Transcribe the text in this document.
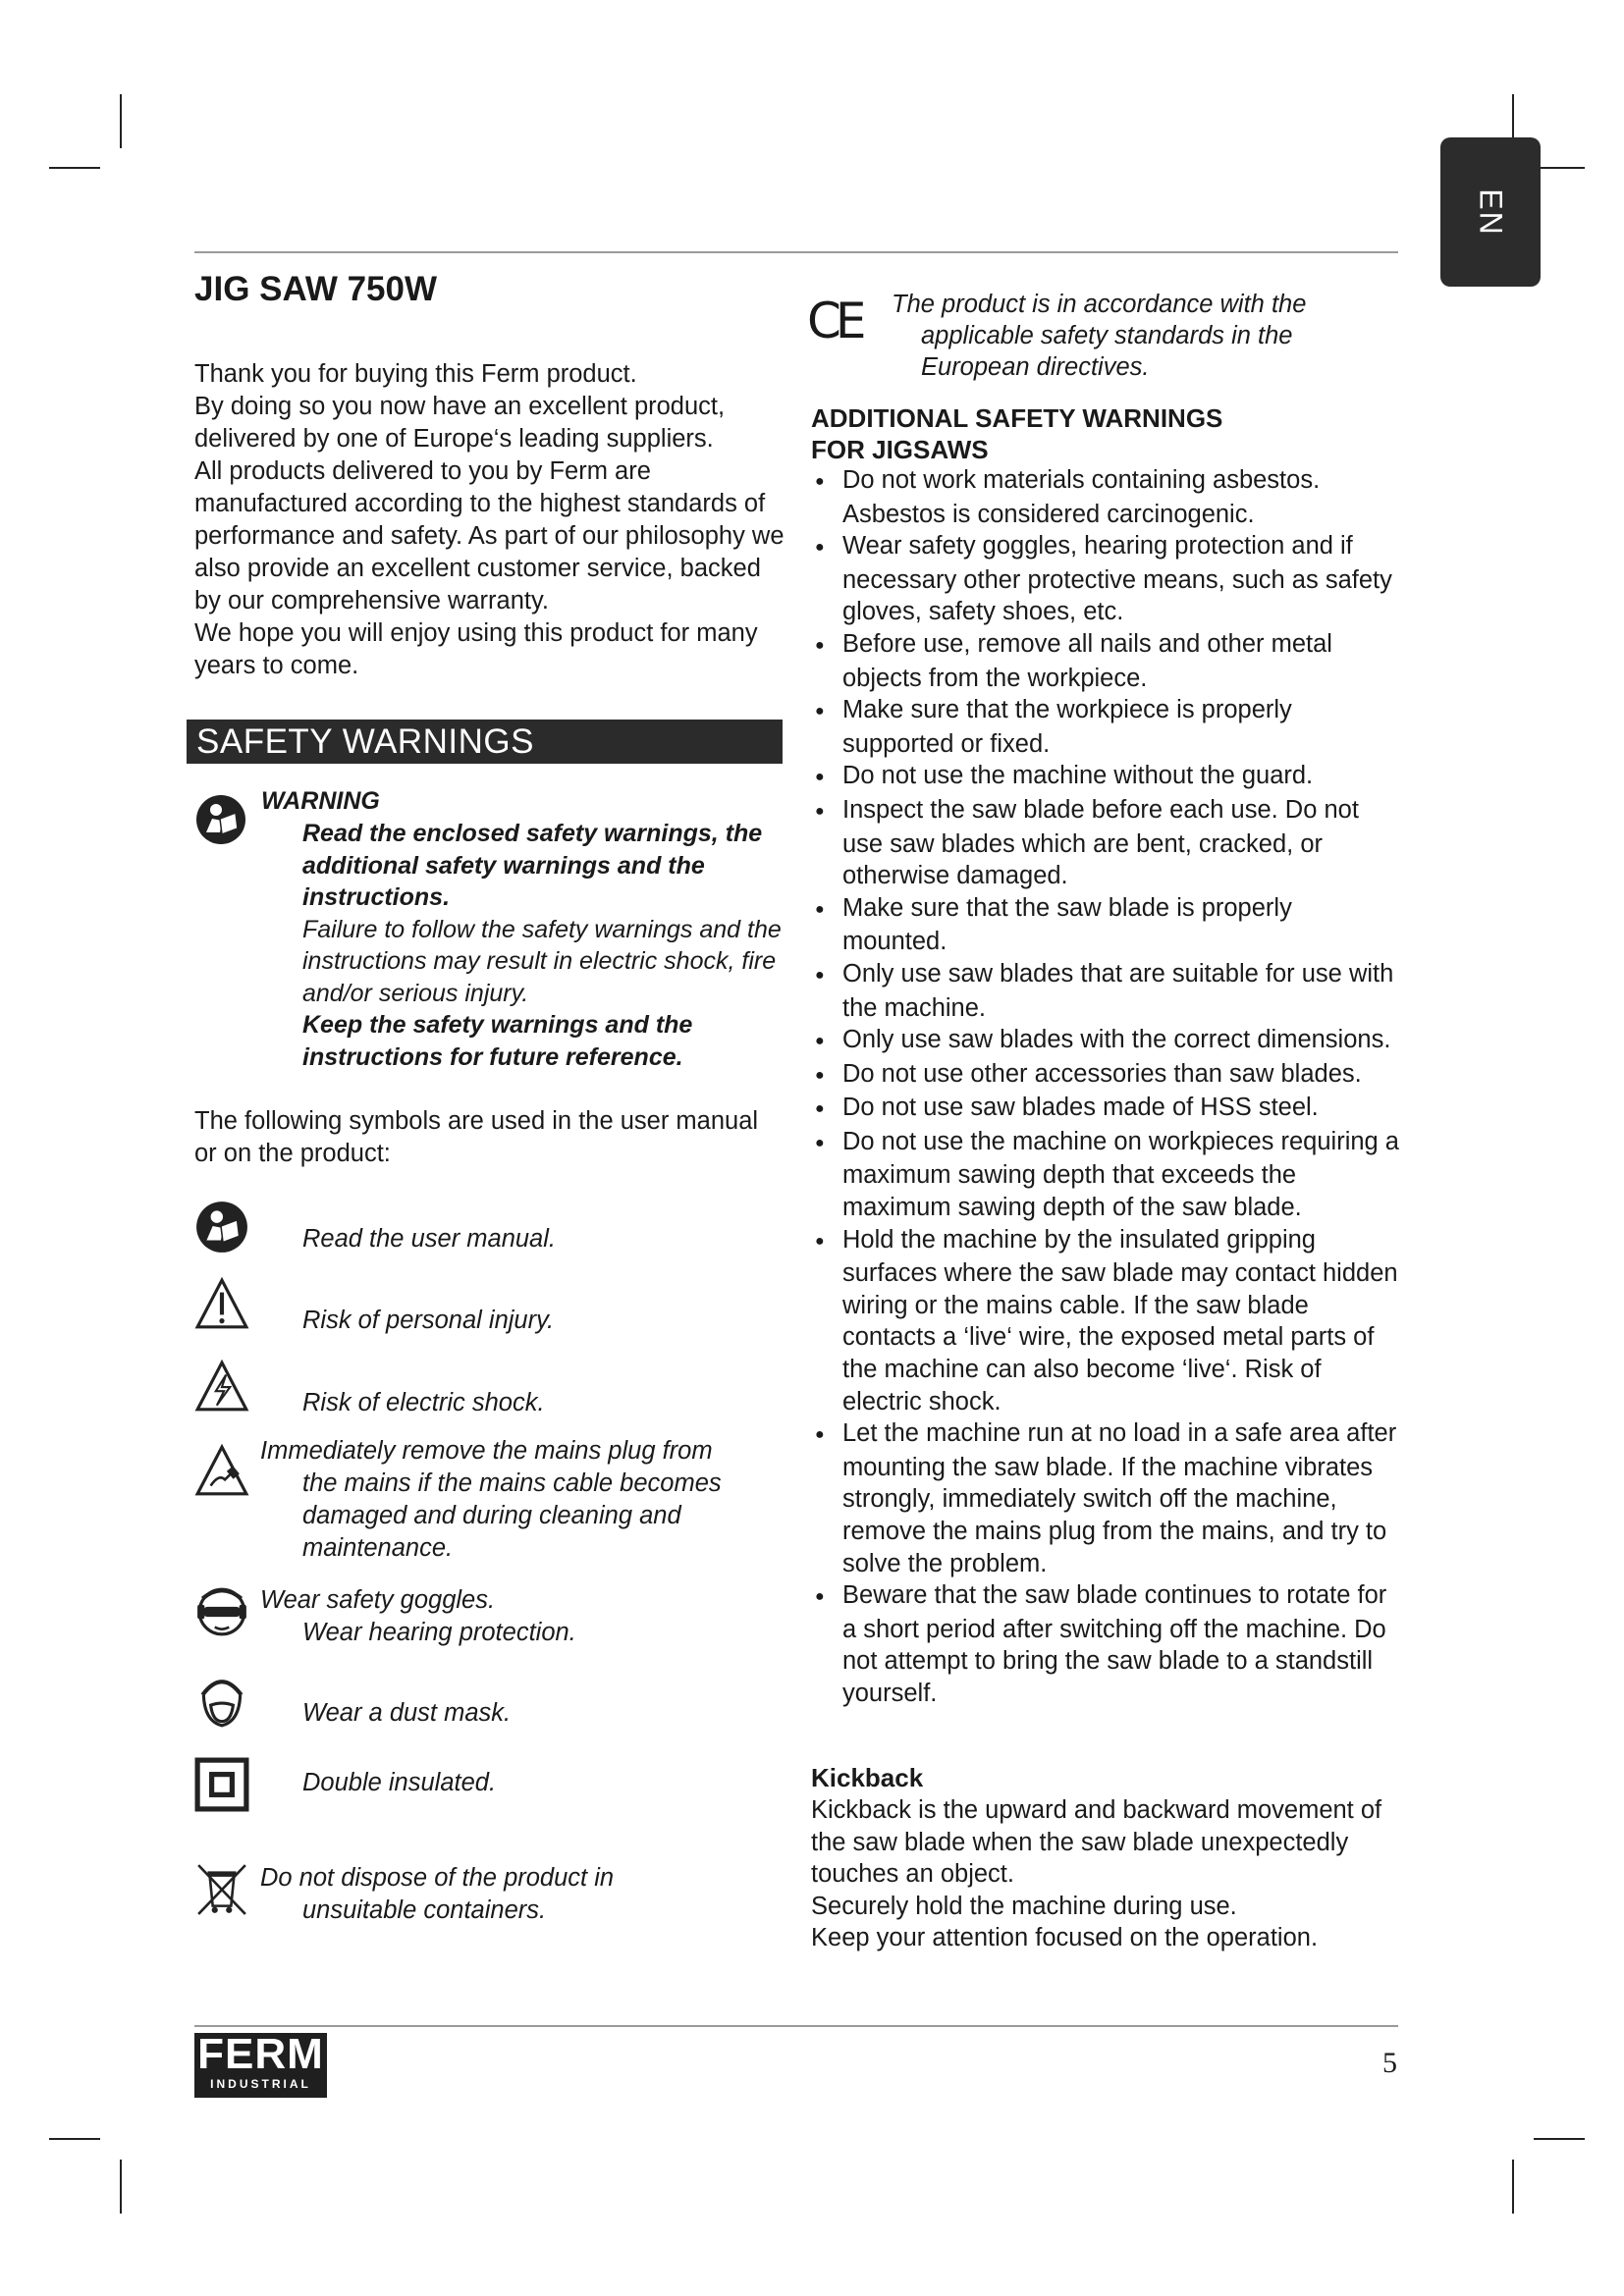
EN
JIG SAW 750W

Thank you for buying this Ferm product.

By doing so you now have an excellent product, delivered by one of Europe‘s leading suppliers.

All products delivered to you by Ferm are manufactured according to the highest standards of performance and safety. As part of our philosophy we also provide an excellent customer service, backed by our comprehensive warranty.

We hope you will enjoy using this product for many years to come.

SAFETY WARNINGS
WARNING

Read the enclosed safety warnings, the additional safety warnings and the instructions.

Failure to follow the safety warnings and the instructions may result in electric shock, fire and/or serious injury.

Keep the safety warnings and the instructions for future reference.

The following symbols are used in the user manual or on the product:

Read the user manual.
Risk of personal injury.
Risk of electric shock.
Immediately remove the mains plug from
the mains if the mains cable becomes damaged and during cleaning and maintenance.
Wear safety goggles.
Wear hearing protection.
Wear a dust mask.
Double insulated.
Do not dispose of the product in
unsuitable containers.
CE The product is in accordance with the

applicable safety standards in the European directives.

ADDITIONAL SAFETY WARNINGS
FOR JIGSAWS
● Do not work materials containing asbestos. Asbestos is considered carcinogenic.
● Wear safety goggles, hearing protection and if necessary other protective means, such as safety gloves, safety shoes, etc.
● Before use, remove all nails and other metal objects from the workpiece.
● Make sure that the workpiece is properly supported or fixed.
● Do not use the machine without the guard.
● Inspect the saw blade before each use. Do not use saw blades which are bent, cracked, or otherwise damaged.
● Make sure that the saw blade is properly mounted.
● Only use saw blades that are suitable for use with the machine.
● Only use saw blades with the correct dimensions.
● Do not use other accessories than saw blades.
● Do not use saw blades made of HSS steel.
● Do not use the machine on workpieces requiring a maximum sawing depth that exceeds the maximum sawing depth of the saw blade.
● Hold the machine by the insulated gripping surfaces where the saw blade may contact hidden wiring or the mains cable. If the saw blade contacts a ‘live‘ wire, the exposed metal parts of the machine can also become ‘live‘. Risk of electric shock.
● Let the machine run at no load in a safe area after mounting the saw blade. If the machine vibrates strongly, immediately switch off the machine, remove the mains plug from the mains, and try to solve the problem.
● Beware that the saw blade continues to rotate for a short period after switching off the machine. Do not attempt to bring the saw blade to a standstill yourself.
Kickback

Kickback is the upward and backward movement of the saw blade when the saw blade unexpectedly touches an object.

Securely hold the machine during use.

Keep your attention focused on the operation.

FERM
INDUSTRIAL
5
